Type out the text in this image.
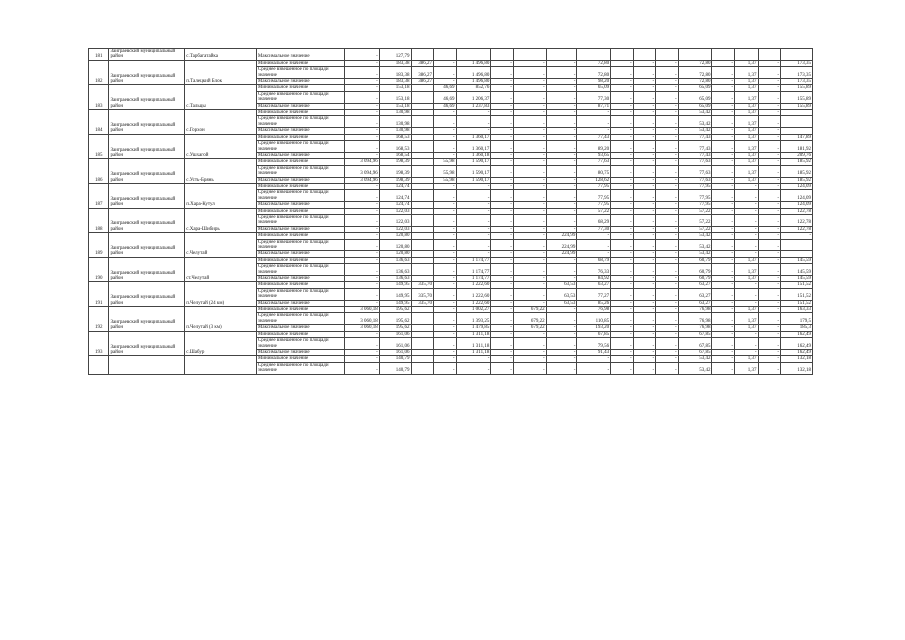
181	Заиграевский муниципальный район	с.Тарбагатайка	Максимальное значение	-	127,79															
182	Заиграевский муниципальный район	п.Талецкий Блок	Минимальное значение	-	183,38	386,27	-	1 496,80	-	-	-	72,80	-	-	-	72,80	-	1,37	-	173,35
			Среднее взвешенное по площади значение	-	183,38	386,27	-	1 496,80	-	-	-	72,80	-	-	-	72,80	-	1,37	-	173,35
			Максимальное значение	-	183,38	386,27	-	1 496,80	-	-	-	98,20	-	-	-	72,80	-	1,37	-	173,35
183	Заиграевский муниципальный район	с.Тальцы	Минимальное значение	-	153,18		46,69	852,76	-	-	-	65,09	-	-	-	65,09	-	1,37	-	155,89
			Среднее взвешенное по площади значение	-	153,18		46,69	1 206,37	-	-	-	77,30	-	-	-	65,09	-	1,37	-	155,89
			Максимальное значение	-	153,18		46,69	1 237,83	-	-	-	87,71	-	-	-	65,09	-	1,37	-	155,89
184	Заиграевский муниципальный район	с.Горхон	Минимальное значение	-	130,98		-	-	-	-	-	-	-	-	-	53,42	-	1,37	-	
			Среднее взвешенное по площади значение	-	130,98		-	-	-	-	-	-	-	-	-	53,42	-	1,37	-	
			Максимальное значение	-	130,98		-	-	-	-	-	-	-	-	-	53,42	-	1,37	-	
185	Заиграевский муниципальный район	с.Ушхагой	Минимальное значение	-	168,53		-	1 360,17	-	-	-	77,43	-	-	-	77,43	-	1,37	-	147,89
			Среднее взвешенное по площади значение	-	168,53		-	1 360,17	-	-	-	89,20	-	-	-	77,43	-	1,37	-	181,92
			Максимальное значение	-	168,54		-	1 360,18	-	-	-	93,65	-	-	-	77,43	-	1,37	-	209,76
186	Заиграевский муниципальный район	с.Усть-Брянь	Минимальное значение	3 094,96	198,39		55,98	1 590,17	-	-	-	77,63	-	-	-	77,63	-	1,37	-	185,92
			Среднее взвешенное по площади значение	3 094,96	198,39		55,98	1 590,17	-	-	-	80,75	-	-	-	77,63	-	1,37	-	185,92
			Максимальное значение	3 094,96	198,39		55,98	1 590,17	-	-	-	128,62	-	-	-	77,63	-	1,37	-	185,92
187	Заиграевский муниципальный район	п.Хара-Кутул	Минимальное значение	-	124,74		-	-	-	-	-	77,95	-	-	-	77,95	-	-	-	124,09
			Среднее взвешенное по площади значение	-	124,74		-	-	-	-	-	77,95	-	-	-	77,95	-	-	-	124,09
			Максимальное значение	-	124,74		-	-	-	-	-	77,95	-	-	-	77,95	-	-	-	124,09
188	Заиграевский муниципальный район	с.Хара-Шибирь	Минимальное значение	-	122,03		-	-	-	-	-	57,22	-	-	-	57,22	-	-	-	122,78
			Среднее взвешенное по площади значение	-	122,03		-	-	-	-	-	68,29	-	-	-	57,22	-	-	-	122,78
			Максимальное значение	-	122,03		-	-	-	-	-	77,30	-	-	-	57,22	-	-	-	122,78
189	Заиграевский муниципальный район	с.Челутай	Минимальное значение	-	120,80		-	-	-	-	224,99	-	-	-	-	53,42	-	-	-	-
			Среднее взвешенное по площади значение	-	120,80		-	-	-	-	224,99	-	-	-	-	53,42	-	-	-	
			Максимальное значение	-	120,80		-	-	-	-	224,99	-	-	-	-	53,42	-	-	-	
190	Заиграевский муниципальный район	ст.Челутай	Минимальное значение	-	136,63		-	1 174,77	-	-	-	68,79	-	-	-	60,79	-	1,37	-	145,59
			Среднее взвешенное по площади значение	-	136,63		-	1 174,77	-	-	-	76,33	-	-	-	60,79	-	1,37	-	145,59
			Максимальное значение	-	136,63		-	1 174,77	-	-	-	84,92	-	-	-	60,79	-	1,37	-	145,59
191	Заиграевский муниципальный район	п.Челутай (24 км)	Минимальное значение	-	149,95	335,70	-	1 222,60	-	-	63,53	63,27	-	-	-	63,27	-	-	-	151,52
			Среднее взвешенное по площади значение	-	149,95	335,70	-	1 222,60	-	-	63,53	77,27	-	-	-	63,27	-	-	-	151,52
			Максимальное значение	-	149,95	335,70	-	1 222,60	-	-	63,53	85,26	-	-	-	63,27	-	-	-	151,52
192	Заиграевский муниципальный район	п.Челутай (3 км)	Минимальное значение	3 060,18	195,62		-	1 002,27	-	679,22	-	76,98	-	-	-	76,98	-	1,37	-	163,33
			Среднее взвешенное по площади значение	3 060,18	195,62		-	1 393,25	-	679,22	-	110,85	-	-	-	76,98	-	1,37	-	179,5
			Максимальное значение	3 060,18	195,62		-	1 479,85	-	679,22	-	193,20	-	-	-	76,98	-	1,37	-	185,3
193	Заиграевский муниципальный район	с.Шабур	Минимальное значение	-	161,06		-	1 311,18	-	-	-	67,85	-	-	-	67,85	-	-	-	162,49
			Среднее взвешенное по площади значение	-	161,06		-	1 311,18	-	-	-	79,56	-	-	-	67,85	-	-	-	162,49
			Максимальное значение	-	161,06		-	1 311,18	-	-	-	91,43	-	-	-	67,85	-	-	-	162,49
			Минимальное значение	-	140,79		-	-	-	-	-	-	-	-	-	53,42	-	1,37	-	132,18
			Среднее взвешенное по площади значение	-	140,79		-	-	-	-	-	-	-	-	-	53,42	-	1,37	-	132,18
